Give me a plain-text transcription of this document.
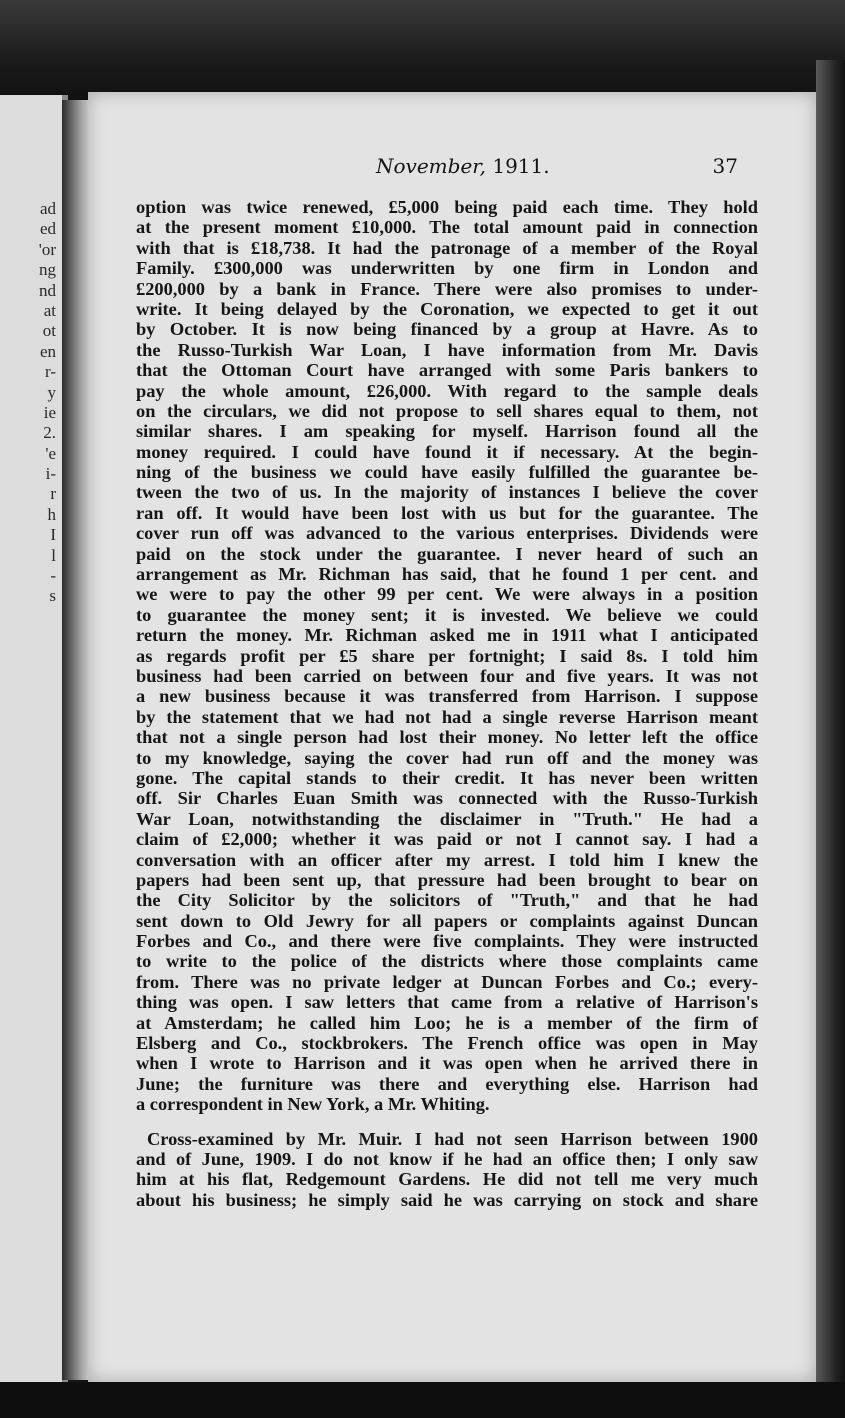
ad
ed
'or
ng
nd
at
ot
en
r-
y
ie
2.
'e
i-
r
h
I
l
-
s
November, 1911.	37
option was twice renewed, £5,000 being paid each time. They hold
at the present moment £10,000. The total amount paid in connection
with that is £18,738. It had the patronage of a member of the Royal
Family. £300,000 was underwritten by one firm in London and
£200,000 by a bank in France. There were also promises to under-
write. It being delayed by the Coronation, we expected to get it out
by October. It is now being financed by a group at Havre. As to
the Russo-Turkish War Loan, I have information from Mr. Davis
that the Ottoman Court have arranged with some Paris bankers to
pay the whole amount, £26,000. With regard to the sample deals
on the circulars, we did not propose to sell shares equal to them, not
similar shares. I am speaking for myself. Harrison found all the
money required. I could have found it if necessary. At the begin-
ning of the business we could have easily fulfilled the guarantee be-
tween the two of us. In the majority of instances I believe the cover
ran off. It would have been lost with us but for the guarantee. The
cover run off was advanced to the various enterprises. Dividends were
paid on the stock under the guarantee. I never heard of such an
arrangement as Mr. Richman has said, that he found 1 per cent. and
we were to pay the other 99 per cent. We were always in a position
to guarantee the money sent; it is invested. We believe we could
return the money. Mr. Richman asked me in 1911 what I anticipated
as regards profit per £5 share per fortnight; I said 8s. I told him
business had been carried on between four and five years. It was not
a new business because it was transferred from Harrison. I suppose
by the statement that we had not had a single reverse Harrison meant
that not a single person had lost their money. No letter left the office
to my knowledge, saying the cover had run off and the money was
gone. The capital stands to their credit. It has never been written
off. Sir Charles Euan Smith was connected with the Russo-Turkish
War Loan, notwithstanding the disclaimer in "Truth." He had a
claim of £2,000; whether it was paid or not I cannot say. I had a
conversation with an officer after my arrest. I told him I knew the
papers had been sent up, that pressure had been brought to bear on
the City Solicitor by the solicitors of "Truth," and that he had
sent down to Old Jewry for all papers or complaints against Duncan
Forbes and Co., and there were five complaints. They were instructed
to write to the police of the districts where those complaints came
from. There was no private ledger at Duncan Forbes and Co.; every-
thing was open. I saw letters that came from a relative of Harrison's
at Amsterdam; he called him Loo; he is a member of the firm of
Elsberg and Co., stockbrokers. The French office was open in May
when I wrote to Harrison and it was open when he arrived there in
June; the furniture was there and everything else. Harrison had
a correspondent in New York, a Mr. Whiting.
Cross-examined by Mr. Muir. I had not seen Harrison between 1900
and of June, 1909. I do not know if he had an office then; I only saw
him at his flat, Redgemount Gardens. He did not tell me very much
about his business; he simply said he was carrying on stock and share
